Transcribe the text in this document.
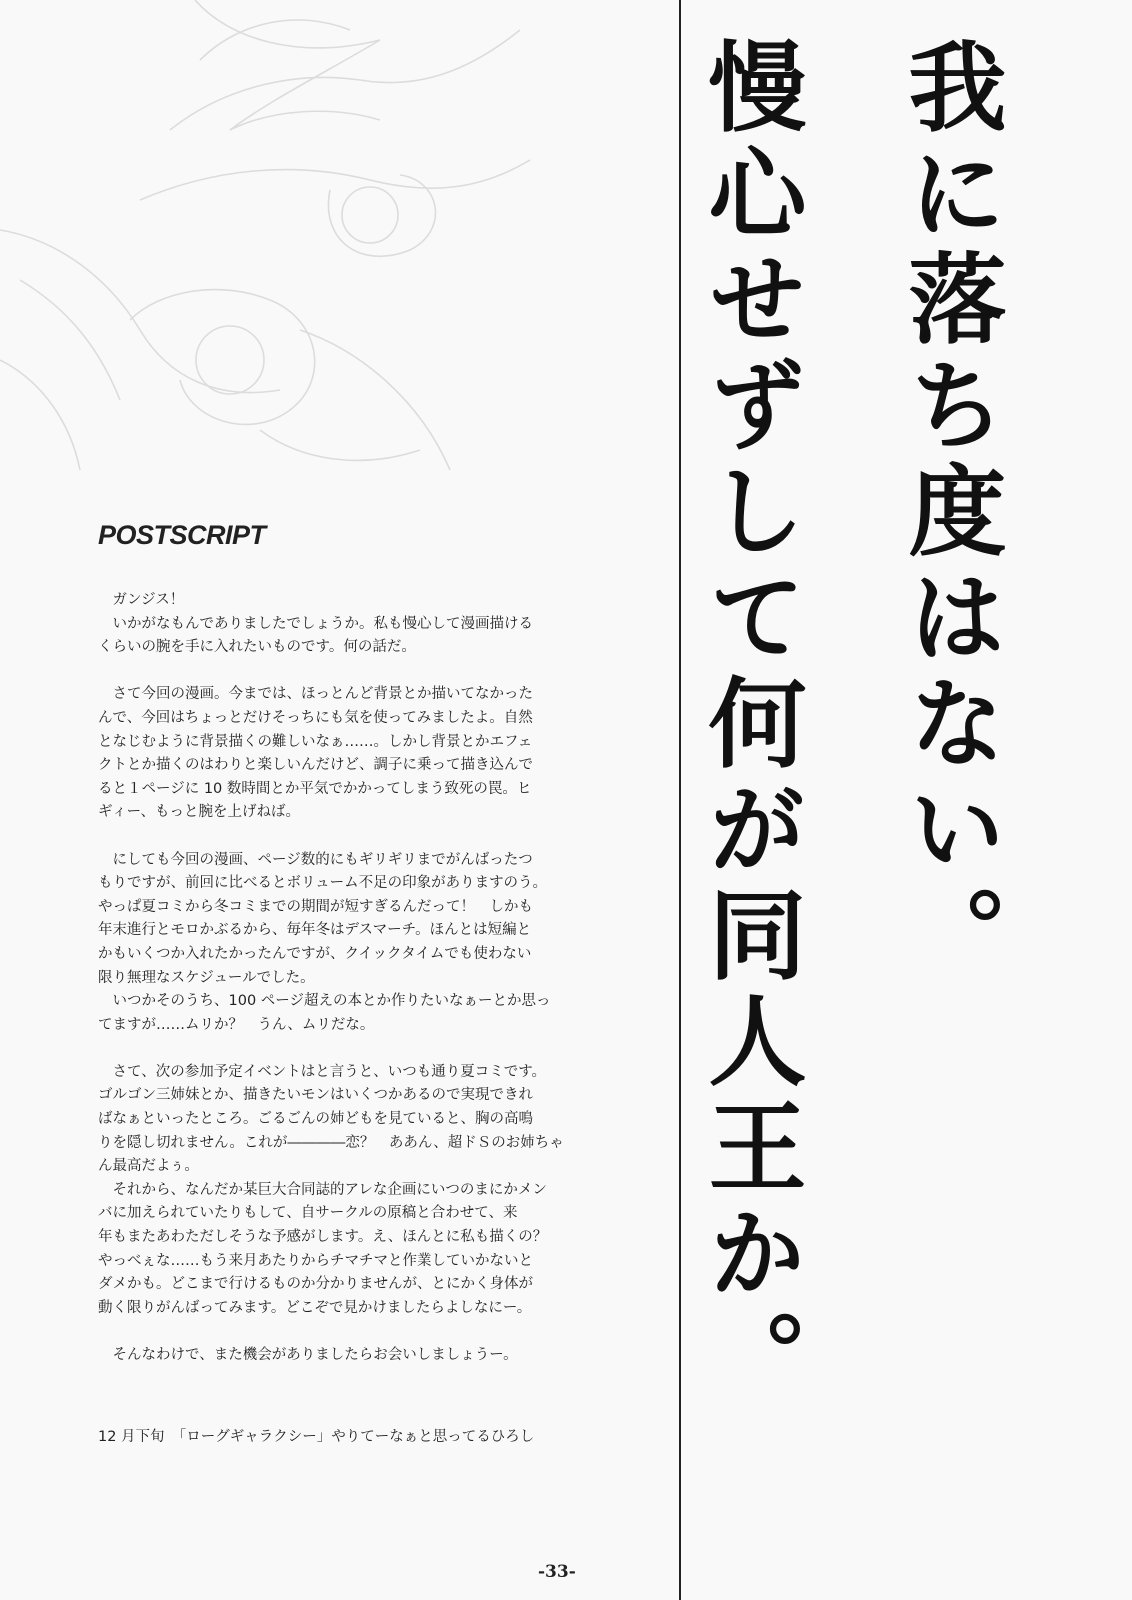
POSTSCRIPT
ガンジス！
いかがなもんでありましたでしょうか。私も慢心して漫画描ける
くらいの腕を手に入れたいものです。何の話だ。
さて今回の漫画。今までは、ほっとんど背景とか描いてなかった
んで、今回はちょっとだけそっちにも気を使ってみましたよ。自然
となじむように背景描くの難しいなぁ……。しかし背景とかエフェ
クトとか描くのはわりと楽しいんだけど、調子に乗って描き込んで
ると１ページに 10 数時間とか平気でかかってしまう致死の罠。ヒ
ギィー、もっと腕を上げねば。
にしても今回の漫画、ページ数的にもギリギリまでがんばったつ
もりですが、前回に比べるとボリューム不足の印象がありますのう。
やっぱ夏コミから冬コミまでの期間が短すぎるんだって！　しかも
年末進行とモロかぶるから、毎年冬はデスマーチ。ほんとは短編と
かもいくつか入れたかったんですが、クイックタイムでも使わない
限り無理なスケジュールでした。
いつかそのうち、100 ページ超えの本とか作りたいなぁーとか思っ
てますが……ムリか？　うん、ムリだな。
さて、次の参加予定イベントはと言うと、いつも通り夏コミです。
ゴルゴン三姉妹とか、描きたいモンはいくつかあるので実現できれ
ばなぁといったところ。ごるごんの姉どもを見ていると、胸の高鳴
りを隠し切れません。これが――――恋？　ああん、超ドＳのお姉ちゃ
ん最高だよぅ。
それから、なんだか某巨大合同誌的アレな企画にいつのまにかメン
バに加えられていたりもして、自サークルの原稿と合わせて、来
年もまたあわただしそうな予感がします。え、ほんとに私も描くの？
やっべぇな……もう来月あたりからチマチマと作業していかないと
ダメかも。どこまで行けるものか分かりませんが、とにかく身体が
動く限りがんばってみます。どこぞで見かけましたらよしなにー。
そんなわけで、また機会がありましたらお会いしましょうー。
12 月下旬　「ローグギャラクシー」やりてーなぁと思ってるひろし
-33-
我に落ち度はない。
慢心せずして何が同人王か。
